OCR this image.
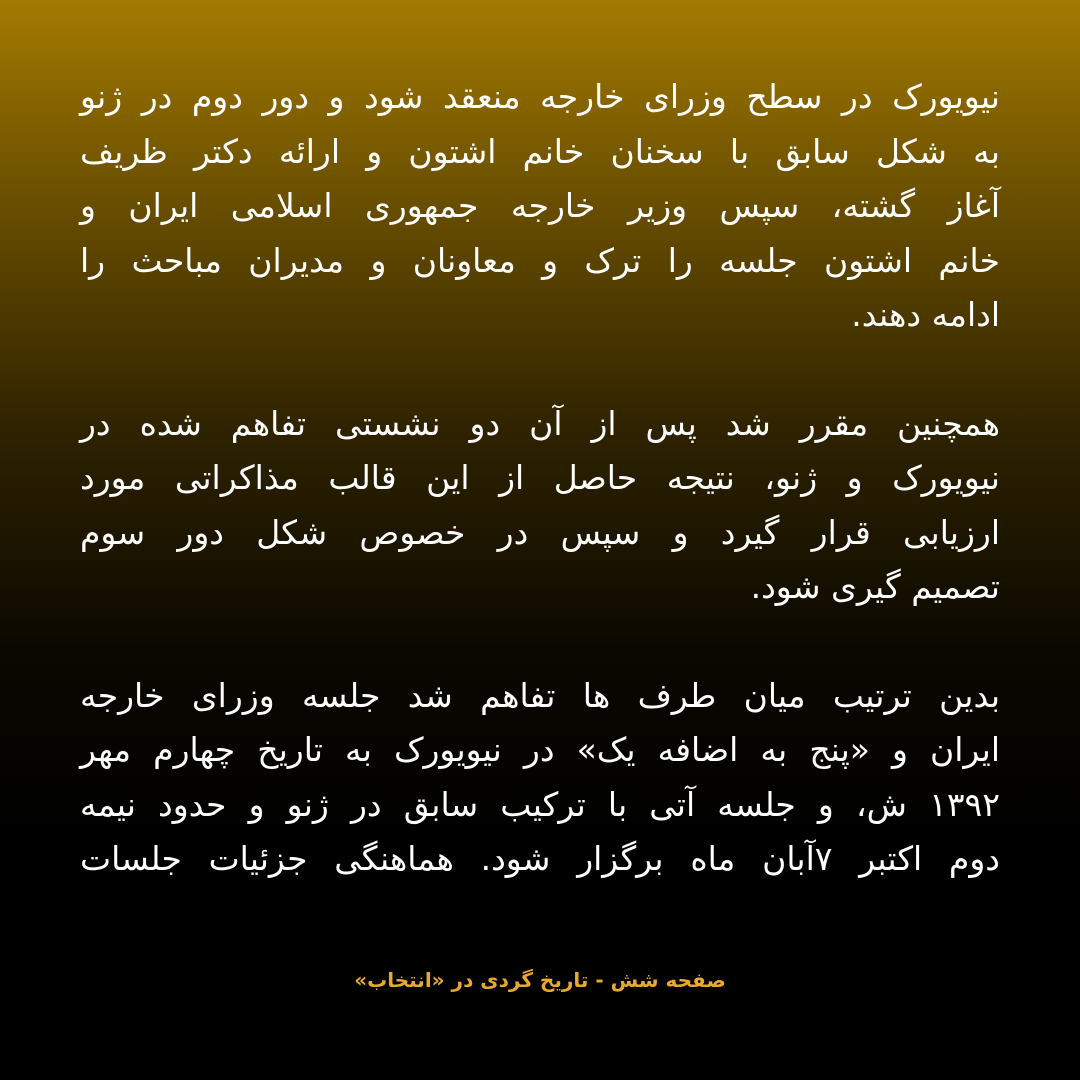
نیویورک در سطح وزرای خارجه منعقد شود و دور دوم در ژنو
به شکل سابق با سخنان خانم اشتون و ارائه دکتر ظریف
آغاز گشته، سپس وزیر خارجه جمهوری اسلامی ایران و
خانم اشتون جلسه را ترک و معاونان و مدیران مباحث را
ادامه دهند.
همچنین مقرر شد پس از آن دو نشستی تفاهم شده در
نیویورک و ژنو، نتیجه حاصل از این قالب مذاکراتی مورد
ارزیابی قرار گیرد و سپس در خصوص شکل دور سوم
تصمیم گیری شود.
بدین ترتیب میان طرف ها تفاهم شد جلسه وزرای خارجه
ایران و «پنج به اضافه یک» در نیویورک به تاریخ چهارم مهر
۱۳۹۲ ش، و جلسه آتی با ترکیب سابق در ژنو و حدود نیمه
دوم اکتبر ۷آبان ماه برگزار شود. هماهنگی جزئیات جلسات
صفحه شش - تاریخ گردی در «انتخاب»
